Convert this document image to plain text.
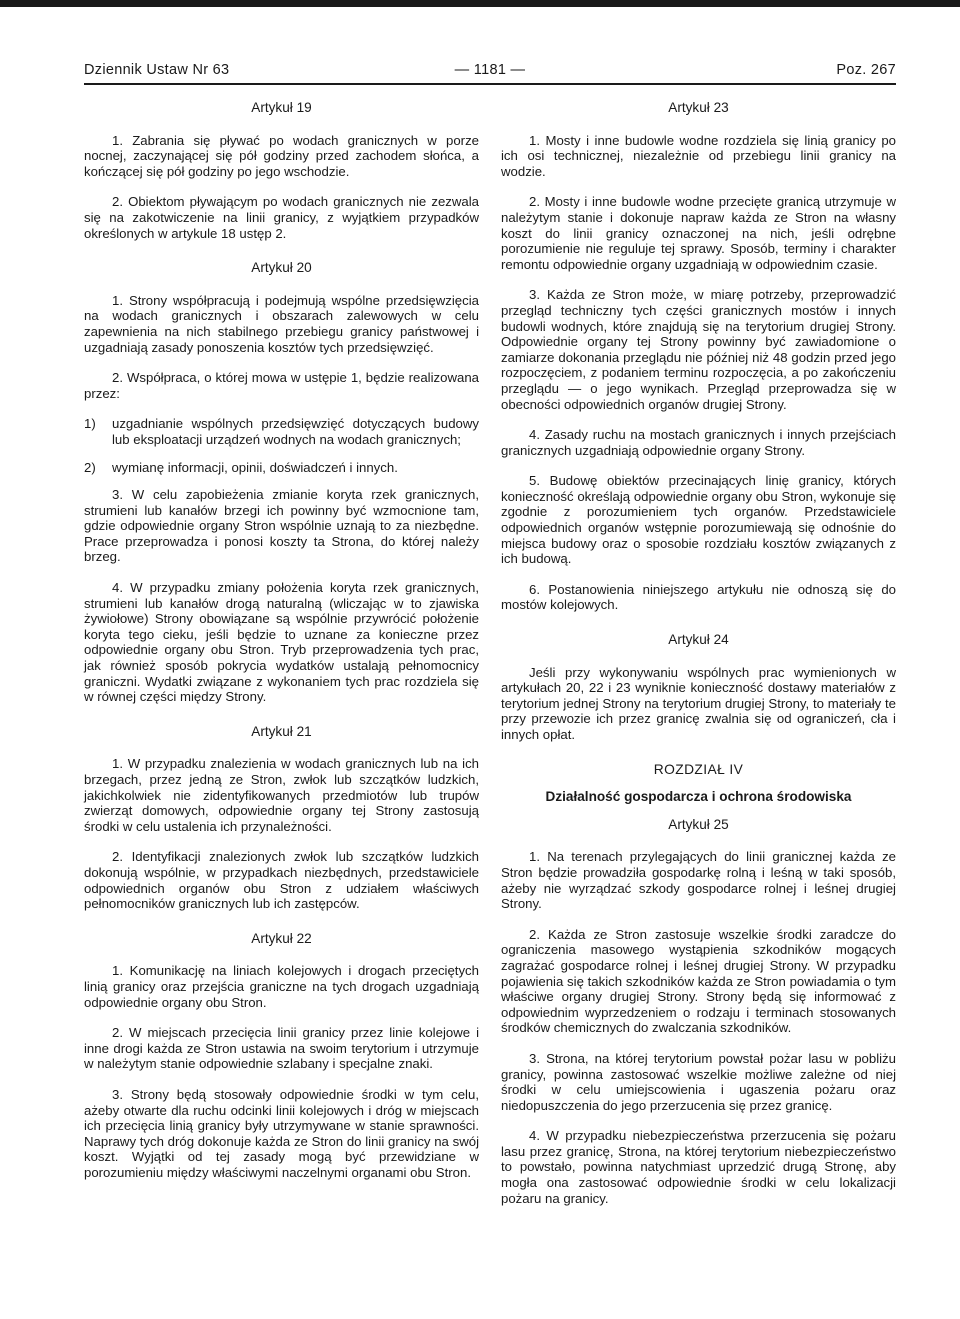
— 1181 —
Dziennik Ustaw Nr 63	Poz. 267
Artykuł 19

1. Zabrania się pływać po wodach granicznych w porze nocnej, zaczynającej się pół godziny przed zachodem słońca, a kończącej się pół godziny po jego wschodzie.

2. Obiektom pływającym po wodach granicznych nie zezwala się na zakotwiczenie na linii granicy, z wyjątkiem przypadków określonych w artykule 18 ustęp 2.

Artykuł 20

1. Strony współpracują i podejmują wspólne przedsięwzięcia na wodach granicznych i obszarach zalewowych w celu zapewnienia na nich stabilnego przebiegu granicy państwowej i uzgadniają zasady ponoszenia kosztów tych przedsięwzięć.

2. Współpraca, o której mowa w ustępie 1, będzie realizowana przez:

1) uzgadnianie wspólnych przedsięwzięć dotyczących budowy lub eksploatacji urządzeń wodnych na wodach granicznych;

2) wymianę informacji, opinii, doświadczeń i innych.

3. W celu zapobieżenia zmianie koryta rzek granicznych, strumieni lub kanałów brzegi ich powinny być wzmocnione tam, gdzie odpowiednie organy Stron wspólnie uznają to za niezbędne. Prace przeprowadza i ponosi koszty ta Strona, do której należy brzeg.

4. W przypadku zmiany położenia koryta rzek granicznych, strumieni lub kanałów drogą naturalną (wliczając w to zjawiska żywiołowe) Strony obowiązane są wspólnie przywrócić położenie koryta tego cieku, jeśli będzie to uznane za konieczne przez odpowiednie organy obu Stron. Tryb przeprowadzenia tych prac, jak również sposób pokrycia wydatków ustalają pełnomocnicy graniczni. Wydatki związane z wykonaniem tych prac rozdziela się w równej części między Strony.

Artykuł 21

1. W przypadku znalezienia w wodach granicznych lub na ich brzegach, przez jedną ze Stron, zwłok lub szczątków ludzkich, jakichkolwiek nie zidentyfikowanych przedmiotów lub trupów zwierząt domowych, odpowiednie organy tej Strony zastosują środki w celu ustalenia ich przynależności.

2. Identyfikacji znalezionych zwłok lub szczątków ludzkich dokonują wspólnie, w przypadkach niezbędnych, przedstawiciele odpowiednich organów obu Stron z udziałem właściwych pełnomocników granicznych lub ich zastępców.

Artykuł 22

1. Komunikację na liniach kolejowych i drogach przeciętych linią granicy oraz przejścia graniczne na tych drogach uzgadniają odpowiednie organy obu Stron.

2. W miejscach przecięcia linii granicy przez linie kolejowe i inne drogi każda ze Stron ustawia na swoim terytorium i utrzymuje w należytym stanie odpowiednie szlabany i specjalne znaki.

3. Strony będą stosowały odpowiednie środki w tym celu, ażeby otwarte dla ruchu odcinki linii kolejowych i dróg w miejscach ich przecięcia linią granicy były utrzymywane w stanie sprawności. Naprawy tych dróg dokonuje każda ze Stron do linii granicy na swój koszt. Wyjątki od tej zasady mogą być przewidziane w porozumieniu między właściwymi naczelnymi organami obu Stron.

Artykuł 23

1. Mosty i inne budowle wodne rozdziela się linią granicy po ich osi technicznej, niezależnie od przebiegu linii granicy na wodzie.

2. Mosty i inne budowle wodne przecięte granicą utrzymuje w należytym stanie i dokonuje napraw każda ze Stron na własny koszt do linii granicy oznaczonej na nich, jeśli odrębne porozumienie nie reguluje tej sprawy. Sposób, terminy i charakter remontu odpowiednie organy uzgadniają w odpowiednim czasie.

3. Każda ze Stron może, w miarę potrzeby, przeprowadzić przegląd techniczny tych części granicznych mostów i innych budowli wodnych, które znajdują się na terytorium drugiej Strony. Odpowiednie organy tej Strony powinny być zawiadomione o zamiarze dokonania przeglądu nie później niż 48 godzin przed jego rozpoczęciem, z podaniem terminu rozpoczęcia, a po zakończeniu przeglądu — o jego wynikach. Przegląd przeprowadza się w obecności odpowiednich organów drugiej Strony.

4. Zasady ruchu na mostach granicznych i innych przejściach granicznych uzgadniają odpowiednie organy Strony.

5. Budowę obiektów przecinających linię granicy, których konieczność określają odpowiednie organy obu Stron, wykonuje się zgodnie z porozumieniem tych organów. Przedstawiciele odpowiednich organów wstępnie porozumiewają się odnośnie do miejsca budowy oraz o sposobie rozdziału kosztów związanych z ich budową.

6. Postanowienia niniejszego artykułu nie odnoszą się do mostów kolejowych.

Artykuł 24

Jeśli przy wykonywaniu wspólnych prac wymienionych w artykułach 20, 22 i 23 wyniknie konieczność dostawy materiałów z terytorium jednej Strony na terytorium drugiej Strony, to materiały te przy przewozie ich przez granicę zwalnia się od ograniczeń, cła i innych opłat.

ROZDZIAŁ IV
Działalność gospodarcza i ochrona środowiska
Artykuł 25

1. Na terenach przylegających do linii granicznej każda ze Stron będzie prowadziła gospodarkę rolną i leśną w taki sposób, ażeby nie wyrządzać szkody gospodarce rolnej i leśnej drugiej Strony.

2. Każda ze Stron zastosuje wszelkie środki zaradcze do ograniczenia masowego wystąpienia szkodników mogących zagrażać gospodarce rolnej i leśnej drugiej Strony. W przypadku pojawienia się takich szkodników każda ze Stron powiadamia o tym właściwe organy drugiej Strony. Strony będą się informować z odpowiednim wyprzedzeniem o rodzaju i terminach stosowanych środków chemicznych do zwalczania szkodników.

3. Strona, na której terytorium powstał pożar lasu w pobliżu granicy, powinna zastosować wszelkie możliwe zależne od niej środki w celu umiejscowienia i ugaszenia pożaru oraz niedopuszczenia do jego przerzucenia się przez granicę.

4. W przypadku niebezpieczeństwa przerzucenia się pożaru lasu przez granicę, Strona, na której terytorium niebezpieczeństwo to powstało, powinna natychmiast uprzedzić drugą Stronę, aby mogła ona zastosować odpowiednie środki w celu lokalizacji pożaru na granicy.
